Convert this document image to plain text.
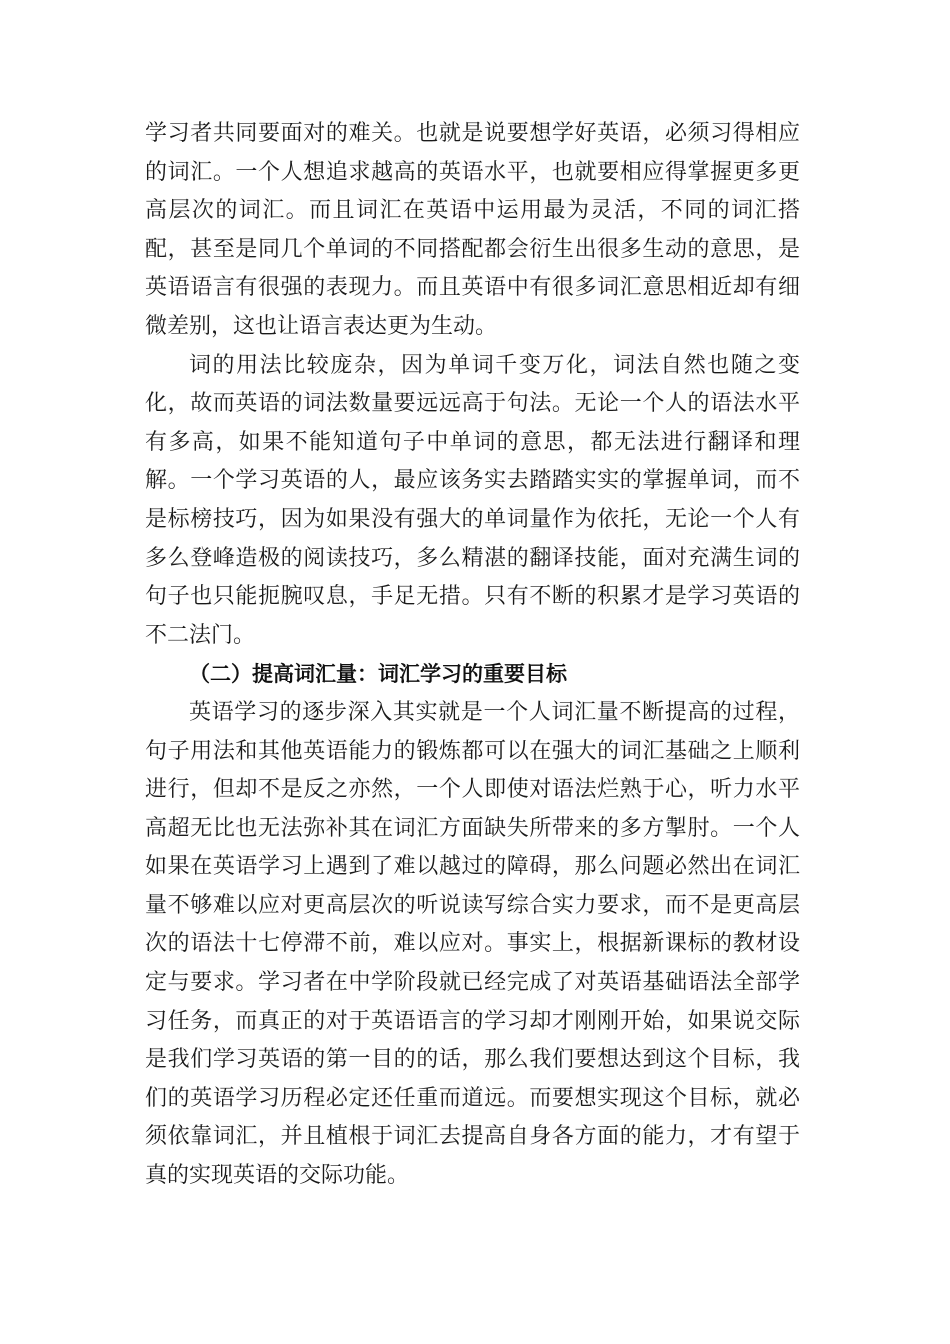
学习者共同要面对的难关。也就是说要想学好英语，必须习得相应的词汇。一个人想追求越高的英语水平，也就要相应得掌握更多更高层次的词汇。而且词汇在英语中运用最为灵活，不同的词汇搭配，甚至是同几个单词的不同搭配都会衍生出很多生动的意思，是英语语言有很强的表现力。而且英语中有很多词汇意思相近却有细微差别，这也让语言表达更为生动。

词的用法比较庞杂，因为单词千变万化，词法自然也随之变化，故而英语的词法数量要远远高于句法。无论一个人的语法水平有多高，如果不能知道句子中单词的意思，都无法进行翻译和理解。一个学习英语的人，最应该务实去踏踏实实的掌握单词，而不是标榜技巧，因为如果没有强大的单词量作为依托，无论一个人有多么登峰造极的阅读技巧，多么精湛的翻译技能，面对充满生词的句子也只能扼腕叹息，手足无措。只有不断的积累才是学习英语的不二法门。

（二）提高词汇量：词汇学习的重要目标

英语学习的逐步深入其实就是一个人词汇量不断提高的过程，句子用法和其他英语能力的锻炼都可以在强大的词汇基础之上顺利进行，但却不是反之亦然，一个人即使对语法烂熟于心，听力水平高超无比也无法弥补其在词汇方面缺失所带来的多方掣肘。一个人如果在英语学习上遇到了难以越过的障碍，那么问题必然出在词汇量不够难以应对更高层次的听说读写综合实力要求，而不是更高层次的语法十七停滞不前，难以应对。事实上，根据新课标的教材设定与要求。学习者在中学阶段就已经完成了对英语基础语法全部学习任务，而真正的对于英语语言的学习却才刚刚开始，如果说交际是我们学习英语的第一目的的话，那么我们要想达到这个目标，我们的英语学习历程必定还任重而道远。而要想实现这个目标，就必须依靠词汇，并且植根于词汇去提高自身各方面的能力，才有望于真的实现英语的交际功能。
